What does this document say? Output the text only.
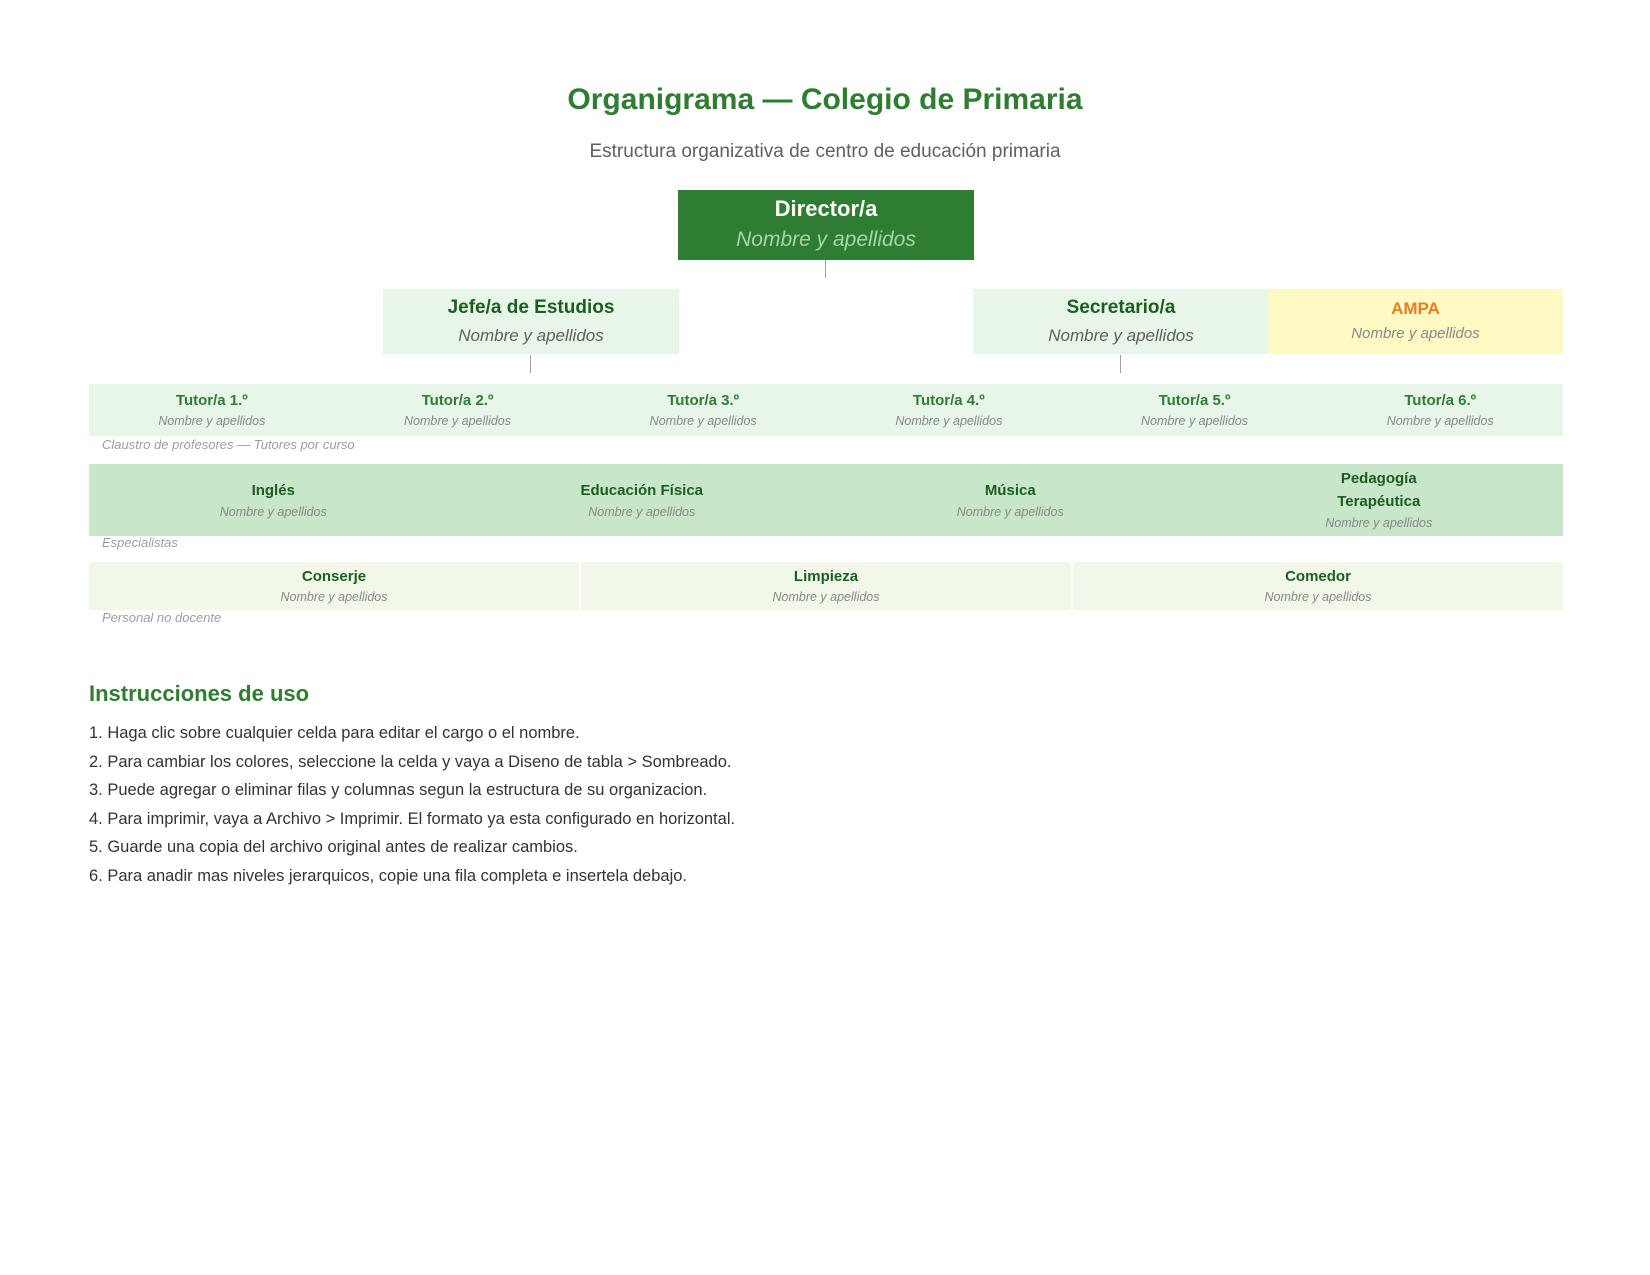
Organigrama — Colegio de Primaria
Estructura organizativa de centro de educación primaria
Director/a
Nombre y apellidos
Jefe/a de Estudios
Nombre y apellidos
Secretario/a
Nombre y apellidos
AMPA
Nombre y apellidos
Tutor/a 1.º
Nombre y apellidos
Tutor/a 2.º
Nombre y apellidos
Tutor/a 3.º
Nombre y apellidos
Tutor/a 4.º
Nombre y apellidos
Tutor/a 5.º
Nombre y apellidos
Tutor/a 6.º
Nombre y apellidos
Claustro de profesores — Tutores por curso
Inglés
Nombre y apellidos
Educación Física
Nombre y apellidos
Música
Nombre y apellidos
Pedagogía
Terapéutica
Nombre y apellidos
Especialistas
Conserje
Nombre y apellidos
Limpieza
Nombre y apellidos
Comedor
Nombre y apellidos
Personal no docente
Instrucciones de uso
1. Haga clic sobre cualquier celda para editar el cargo o el nombre.
2. Para cambiar los colores, seleccione la celda y vaya a Diseno de tabla > Sombreado.
3. Puede agregar o eliminar filas y columnas segun la estructura de su organizacion.
4. Para imprimir, vaya a Archivo > Imprimir. El formato ya esta configurado en horizontal.
5. Guarde una copia del archivo original antes de realizar cambios.
6. Para anadir mas niveles jerarquicos, copie una fila completa e insertela debajo.
